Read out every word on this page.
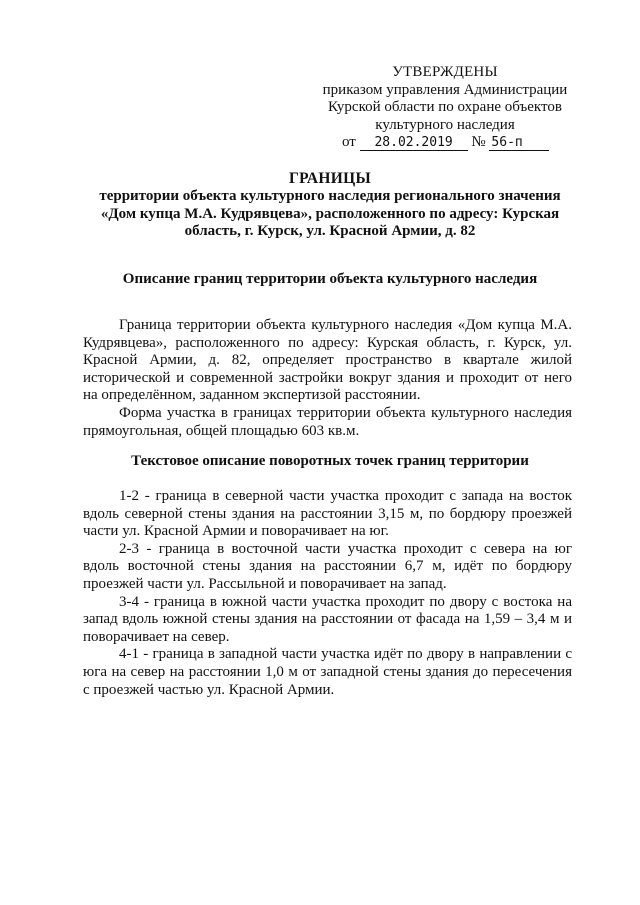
УТВЕРЖДЕНЫ
приказом управления Администрации
Курской области по охране объектов
культурного наследия
от 28.02.2019 № 56-п
ГРАНИЦЫ
территории объекта культурного наследия регионального значения «Дом купца М.А. Кудрявцева», расположенного по адресу: Курская область, г. Курск, ул. Красной Армии, д. 82
Описание границ территории объекта культурного наследия

Граница территории объекта культурного наследия «Дом купца М.А. Кудрявцева», расположенного по адресу: Курская область, г. Курск, ул. Красной Армии, д. 82, определяет пространство в квартале жилой исторической и современной застройки вокруг здания и проходит от него на определённом, заданном экспертизой расстоянии.

Форма участка в границах территории объекта культурного наследия прямоугольная, общей площадью 603 кв.м.

Текстовое описание поворотных точек границ территории

1-2 - граница в северной части участка проходит с запада на восток вдоль северной стены здания на расстоянии 3,15 м, по бордюру проезжей части ул. Красной Армии и поворачивает на юг.

2-3 - граница в восточной части участка проходит с севера на юг вдоль восточной стены здания на расстоянии 6,7 м, идёт по бордюру проезжей части ул. Рассыльной и поворачивает на запад.

3-4 - граница в южной части участка проходит по двору с востока на запад вдоль южной стены здания на расстоянии от фасада на 1,59 – 3,4 м и поворачивает на север.

4-1 - граница в западной части участка идёт по двору в направлении с юга на север на расстоянии 1,0 м от западной стены здания до пересечения с проезжей частью ул. Красной Армии.
